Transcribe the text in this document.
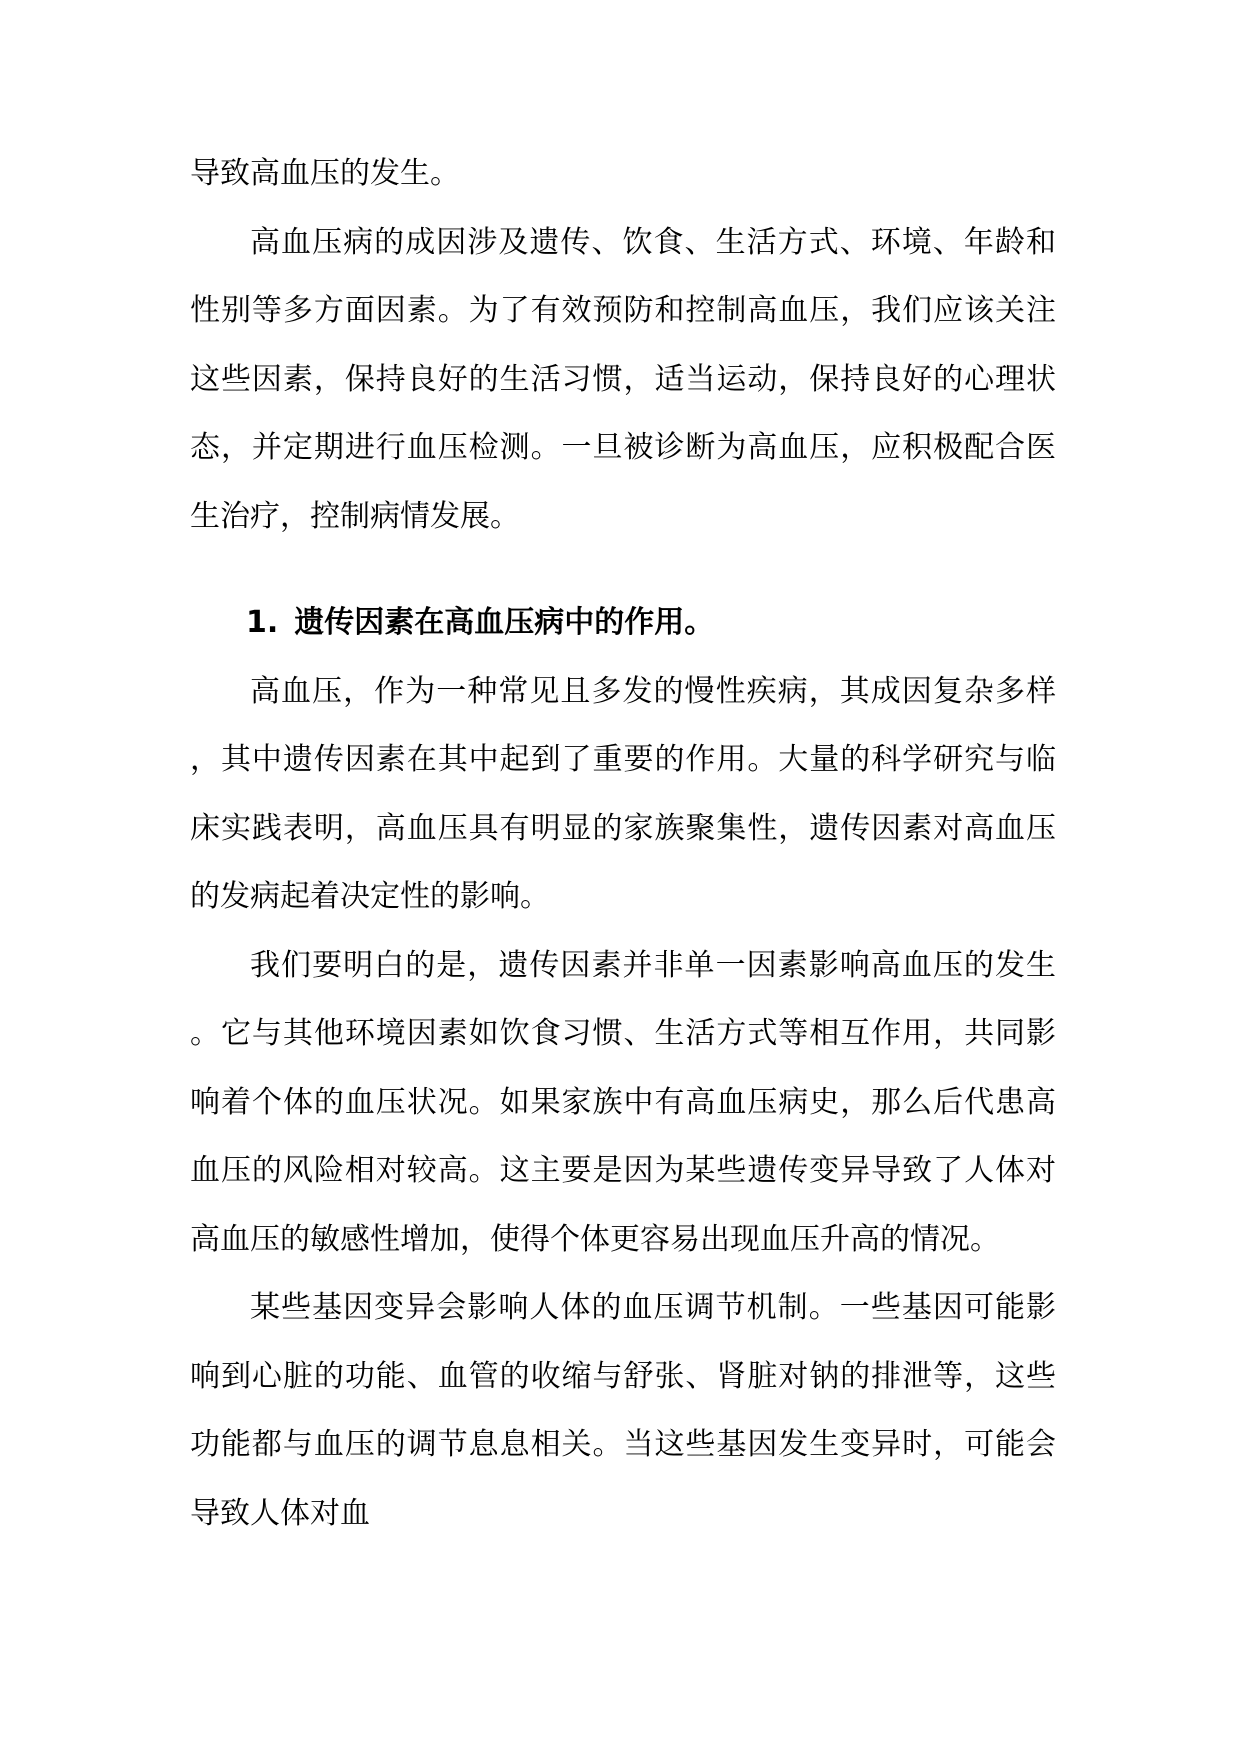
导致高血压的发生。

高血压病的成因涉及遗传、饮食、生活方式、环境、年龄和性别等多方面因素。为了有效预防和控制高血压，我们应该关注这些因素，保持良好的生活习惯，适当运动，保持良好的心理状态，并定期进行血压检测。一旦被诊断为高血压，应积极配合医生治疗，控制病情发展。

1. 遗传因素在高血压病中的作用。

高血压，作为一种常见且多发的慢性疾病，其成因复杂多样，其中遗传因素在其中起到了重要的作用。大量的科学研究与临床实践表明，高血压具有明显的家族聚集性，遗传因素对高血压的发病起着决定性的影响。

我们要明白的是，遗传因素并非单一因素影响高血压的发生。它与其他环境因素如饮食习惯、生活方式等相互作用，共同影响着个体的血压状况。如果家族中有高血压病史，那么后代患高血压的风险相对较高。这主要是因为某些遗传变异导致了人体对高血压的敏感性增加，使得个体更容易出现血压升高的情况。

某些基因变异会影响人体的血压调节机制。一些基因可能影响到心脏的功能、血管的收缩与舒张、肾脏对钠的排泄等，这些功能都与血压的调节息息相关。当这些基因发生变异时，可能会导致人体对血
